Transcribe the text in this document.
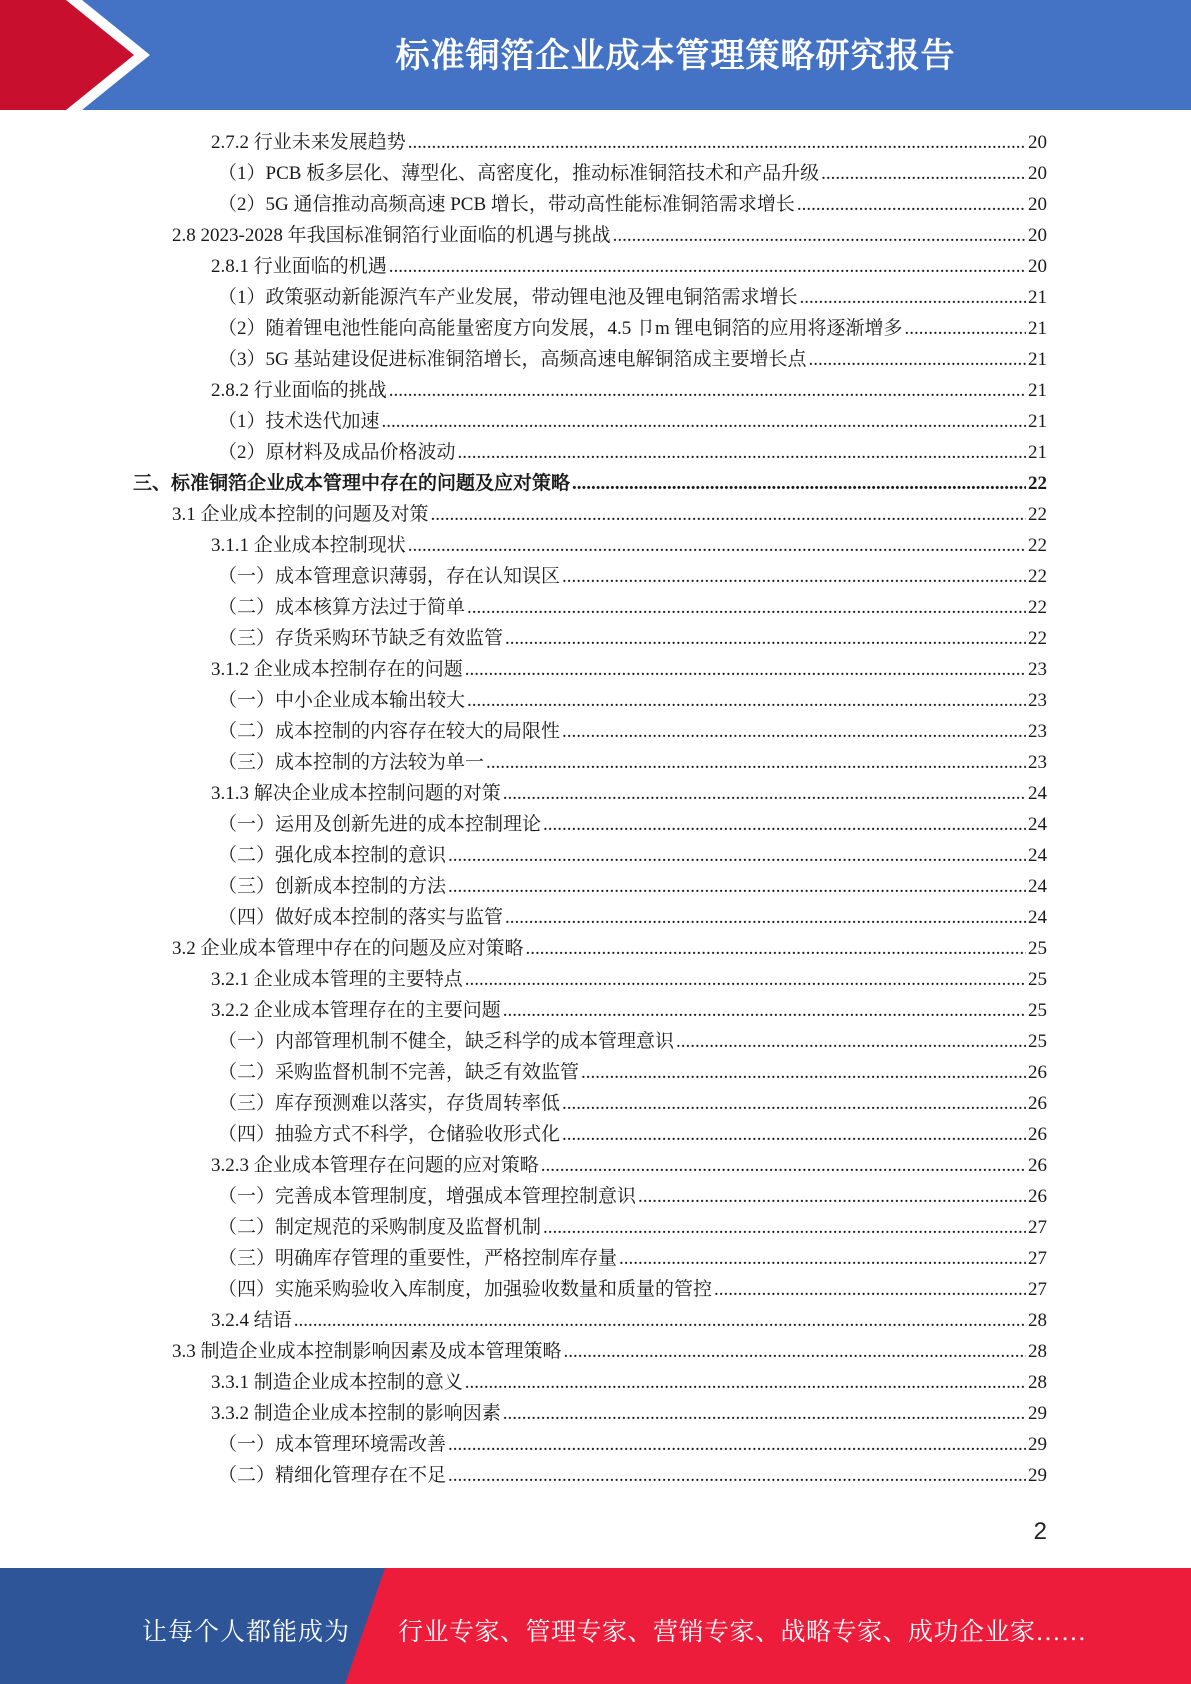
标准铜箔企业成本管理策略研究报告
2.7.2 行业未来发展趋势 .....	20
（1）PCB 板多层化、薄型化、高密度化，推动标准铜箔技术和产品升级 .....	20
（2）5G 通信推动高频高速 PCB 增长，带动高性能标准铜箔需求增长 .....	20
2.8 2023-2028 年我国标准铜箔行业面临的机遇与挑战 .....	20
2.8.1 行业面临的机遇 .....	20
（1）政策驱动新能源汽车产业发展，带动锂电池及锂电铜箔需求增长 .....	21
（2）随着锂电池性能向高能量密度方向发展，4.5 卩m 锂电铜箔的应用将逐渐增多 .....	21
（3）5G 基站建设促进标准铜箔增长，高频高速电解铜箔成主要增长点 .....	21
2.8.2 行业面临的挑战 .....	21
（1）技术迭代加速 .....	21
（2）原材料及成品价格波动 .....	21
三、标准铜箔企业成本管理中存在的问题及应对策略 .....	22
3.1 企业成本控制的问题及对策 .....	22
3.1.1 企业成本控制现状 .....	22
（一）成本管理意识薄弱，存在认知误区 .....	22
（二）成本核算方法过于简单 .....	22
（三）存货采购环节缺乏有效监管 .....	22
3.1.2 企业成本控制存在的问题 .....	23
（一）中小企业成本输出较大 .....	23
（二）成本控制的内容存在较大的局限性 .....	23
（三）成本控制的方法较为单一 .....	23
3.1.3 解决企业成本控制问题的对策 .....	24
（一）运用及创新先进的成本控制理论 .....	24
（二）强化成本控制的意识 .....	24
（三）创新成本控制的方法 .....	24
（四）做好成本控制的落实与监管 .....	24
3.2 企业成本管理中存在的问题及应对策略 .....	25
3.2.1 企业成本管理的主要特点 .....	25
3.2.2 企业成本管理存在的主要问题 .....	25
（一）内部管理机制不健全，缺乏科学的成本管理意识 .....	25
（二）采购监督机制不完善，缺乏有效监管 .....	26
（三）库存预测难以落实，存货周转率低 .....	26
（四）抽验方式不科学，仓储验收形式化 .....	26
3.2.3 企业成本管理存在问题的应对策略 .....	26
（一）完善成本管理制度，增强成本管理控制意识 .....	26
（二）制定规范的采购制度及监督机制 .....	27
（三）明确库存管理的重要性，严格控制库存量 .....	27
（四）实施采购验收入库制度，加强验收数量和质量的管控 .....	27
3.2.4 结语 .....	28
3.3 制造企业成本控制影响因素及成本管理策略 .....	28
3.3.1 制造企业成本控制的意义 .....	28
3.3.2 制造企业成本控制的影响因素 .....	29
（一）成本管理环境需改善 .....	29
（二）精细化管理存在不足 .....	29
2
让每个人都能成为 行业专家、管理专家、营销专家、战略专家、成功企业家……
